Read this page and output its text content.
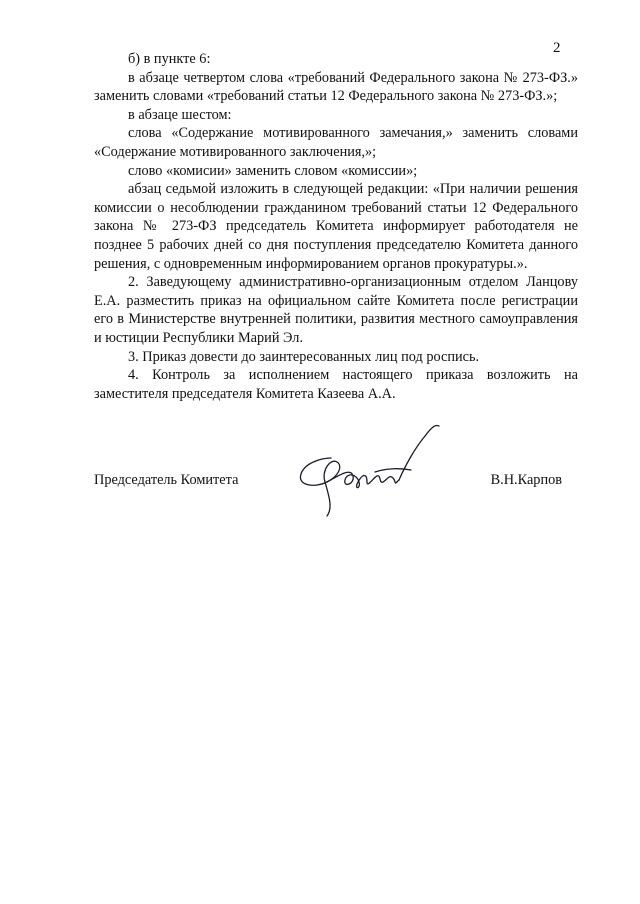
2

б) в пункте 6:

в абзаце четвертом слова «требований Федерального закона № 273-ФЗ.» заменить словами «требований статьи 12 Федерального закона № 273-ФЗ.»;

в абзаце шестом:

слова «Содержание мотивированного замечания,» заменить словами «Содержание мотивированного заключения,»;

слово «комисии» заменить словом «комиссии»;

абзац седьмой изложить в следующей редакции: «При наличии решения комиссии о несоблюдении гражданином требований статьи 12 Федерального закона № 273-ФЗ председатель Комитета информирует работодателя не позднее 5 рабочих дней со дня поступления председателю Комитета данного решения, с одновременным информированием органов прокуратуры.».

2. Заведующему административно-организационным отделом Ланцову Е.А. разместить приказ на официальном сайте Комитета после регистрации его в Министерстве внутренней политики, развития местного самоуправления и юстиции Республики Марий Эл.

3. Приказ довести до заинтересованных лиц под роспись.

4. Контроль за исполнением настоящего приказа возложить на заместителя председателя Комитета Казеева А.А.

Председатель Комитета	В.Н.Карпов
